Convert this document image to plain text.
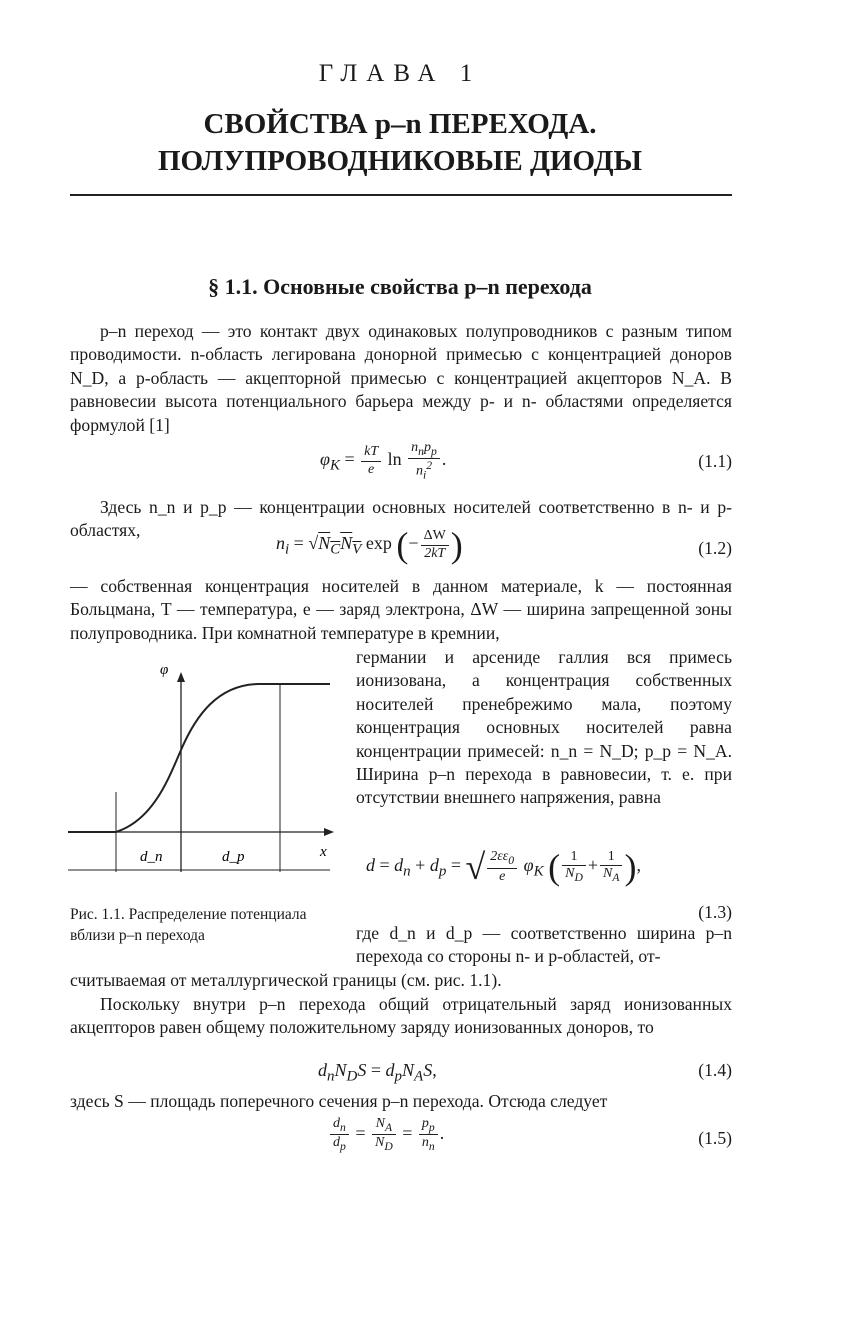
ГЛАВА 1
СВОЙСТВА p–n ПЕРЕХОДА.
ПОЛУПРОВОДНИКОВЫЕ ДИОДЫ
§ 1.1. Основные свойства p–n перехода
p–n переход — это контакт двух одинаковых полупроводников с разным типом проводимости. n-область легирована донорной примесью с концентрацией доноров N_D, а p-область — акцепторной примесью с концентрацией акцепторов N_A. В равновесии высота потенциального барьера между p- и n- областями определяется формулой [1]
$\varphi_K = \frac{kT}{e}$ $\ln \frac{n_np_p}{n_i^2}$ .	(1.1)
Здесь n_n и p_p — концентрации основных носителей соответственно в n- и p- областях,
$n_i = √N_CN_V$ exp (− $\frac{\Delta W}{2kT}$ )	(1.2)
— собственная концентрация носителей в данном материале, k — постоянная Больцмана, T — температура, e — заряд электрона, ΔW — ширина запрещенной зоны полупроводника. При комнатной температуре в кремнии,
φ
x
d_n	d_p
Рис. 1.1. Распределение потенциала вблизи p–n перехода
германии и арсениде галлия вся примесь ионизована, а концентрация собственных носителей пренебрежимо мала, поэтому концентрация основных носителей равна концентрации примесей: n_n = N_D; p_p = N_A. Ширина p–n перехода в равновесии, т. е. при отсутствии внешнего напряжения, равна
$d = d_n + d_p$ = √ $\frac{2\varepsilon\varepsilon_0}{e} \varphi_K$ ( $\frac{1}{N_D} + \frac{1}{N_A}$ ),
(1.3)
где d_n и d_p — соответственно ширина p–n перехода со стороны n- и p-областей, от-
считываемая от металлургической границы (см. рис. 1.1).
Поскольку внутри p–n перехода общий отрицательный заряд ионизованных акцепторов равен общему положительному заряду ионизованных доноров, то
$d_nN_DS = d_pN_AS$,	(1.4)
здесь S — площадь поперечного сечения p–n перехода. Отсюда следует
$\frac{d_n}{d_p} = \frac{N_A}{N_D} = \frac{p_p}{n_n}$ .	(1.5)
